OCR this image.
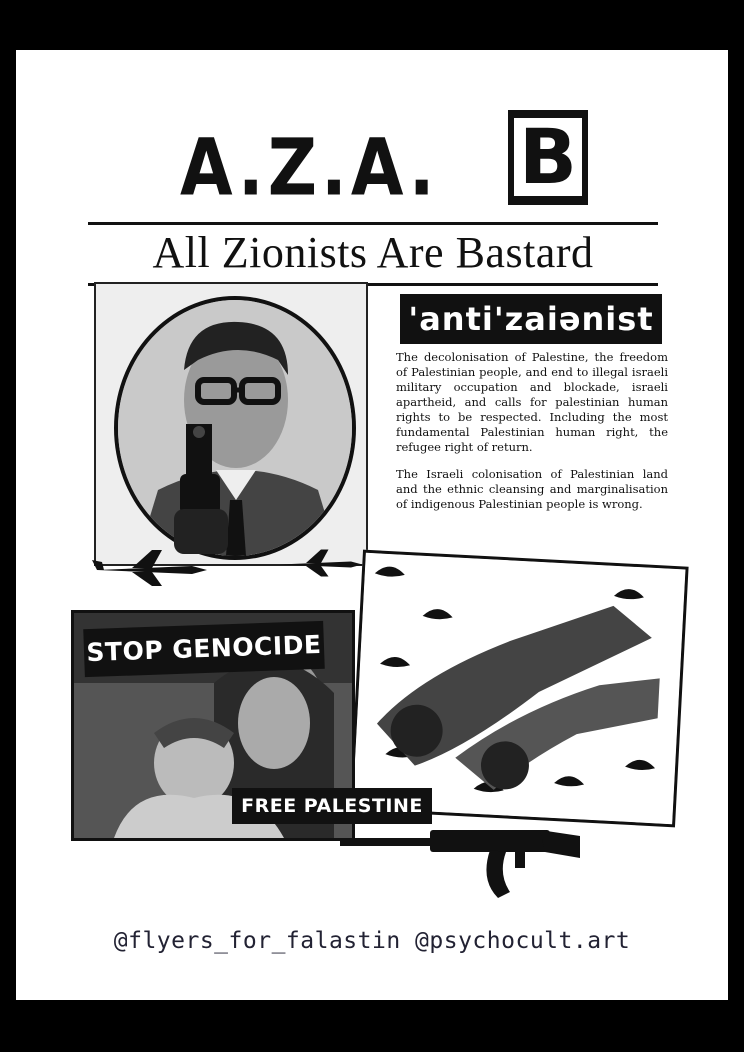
A.Z.A. B
All Zionists Are Bastard
'anti'zaiənist

The decolonisation of Palestine, the freedom of Palestinian people, and end to illegal israeli military occupation and blockade, israeli apartheid, and calls for palestinian human rights to be respected. Including the most fundamental Palestinian human right, the refugee right of return.

The Israeli colonisation of Palestinian land and the ethnic cleansing and marginalisation of indigenous Palestinian people is wrong.

STOP GENOCIDE
FREE PALESTINE
@flyers_for_falastin @psychocult.art
